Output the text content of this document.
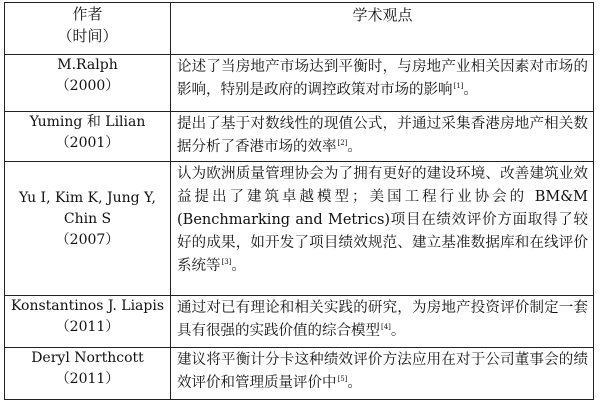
作者
（时间）	学术观点

M.Ralph
（2000）	论述了当房地产市场达到平衡时，与房地产业相关因素对市场的影响，特别是政府的调控政策对市场的影响[1]。

Yuming 和 Lilian
（2001）	提出了基于对数线性的现值公式，并通过采集香港房地产相关数据分析了香港市场的效率[2]。

Yu I, Kim K, Jung Y,
Chin S
（2007）	认为欧洲质量管理协会为了拥有更好的建设环境、改善建筑业效益提出了建筑卓越模型；美国工程行业协会的 BM&M (Benchmarking and Metrics)项目在绩效评价方面取得了较好的成果，如开发了项目绩效规范、建立基准数据库和在线评价系统等[3]。

Konstantinos J. Liapis
（2011）	通过对已有理论和相关实践的研究，为房地产投资评价制定一套具有很强的实践价值的综合模型[4]。

Deryl Northcott
（2011）	建议将平衡计分卡这种绩效评价方法应用在对于公司董事会的绩效评价和管理质量评价中[5]。
